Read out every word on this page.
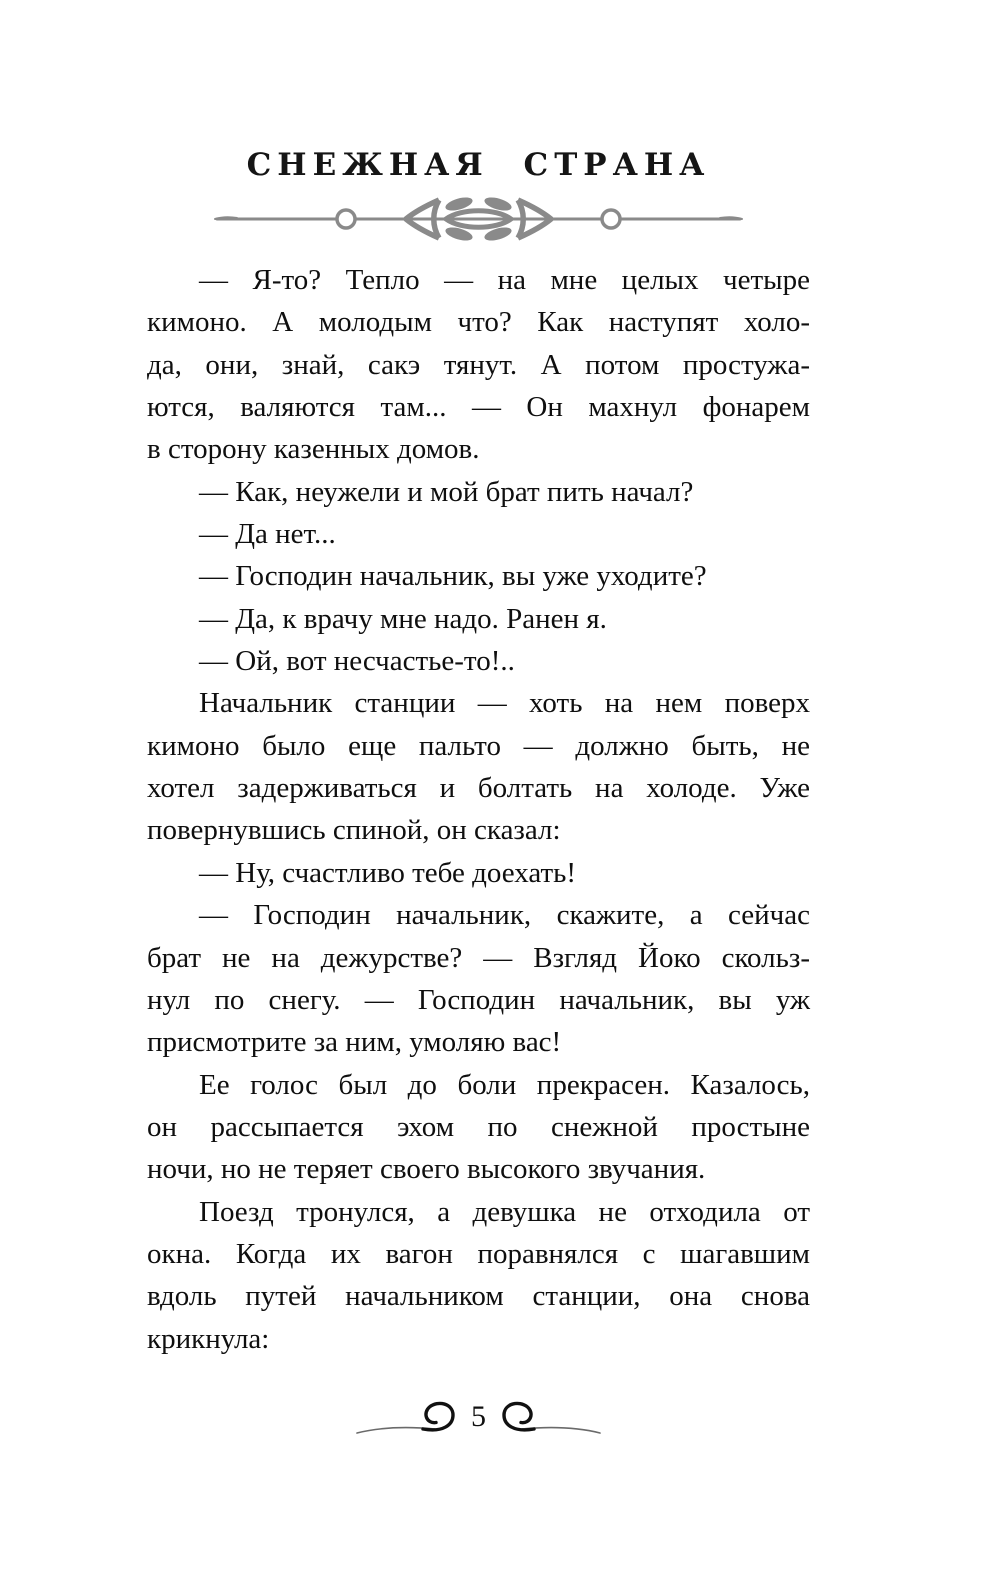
СНЕЖНАЯ СТРАНА
— Я-то? Тепло — на мне целых четыре
кимоно. А молодым что? Как наступят холо-
да, они, знай, сакэ тянут. А потом простужа-
ются, валяются там... — Он махнул фонарем
в сторону казенных домов.
— Как, неужели и мой брат пить начал?
— Да нет...
— Господин начальник, вы уже уходите?
— Да, к врачу мне надо. Ранен я.
— Ой, вот несчастье-то!..
Начальник станции — хоть на нем поверх
кимоно было еще пальто — должно быть, не
хотел задерживаться и болтать на холоде. Уже
повернувшись спиной, он сказал:
— Ну, счастливо тебе доехать!
— Господин начальник, скажите, а сейчас
брат не на дежурстве? — Взгляд Йоко скольз-
нул по снегу. — Господин начальник, вы уж
присмотрите за ним, умоляю вас!
Ее голос был до боли прекрасен. Казалось,
он рассыпается эхом по снежной простыне
ночи, но не теряет своего высокого звучания.
Поезд тронулся, а девушка не отходила от
окна. Когда их вагон поравнялся с шагавшим
вдоль путей начальником станции, она снова
крикнула:
5
